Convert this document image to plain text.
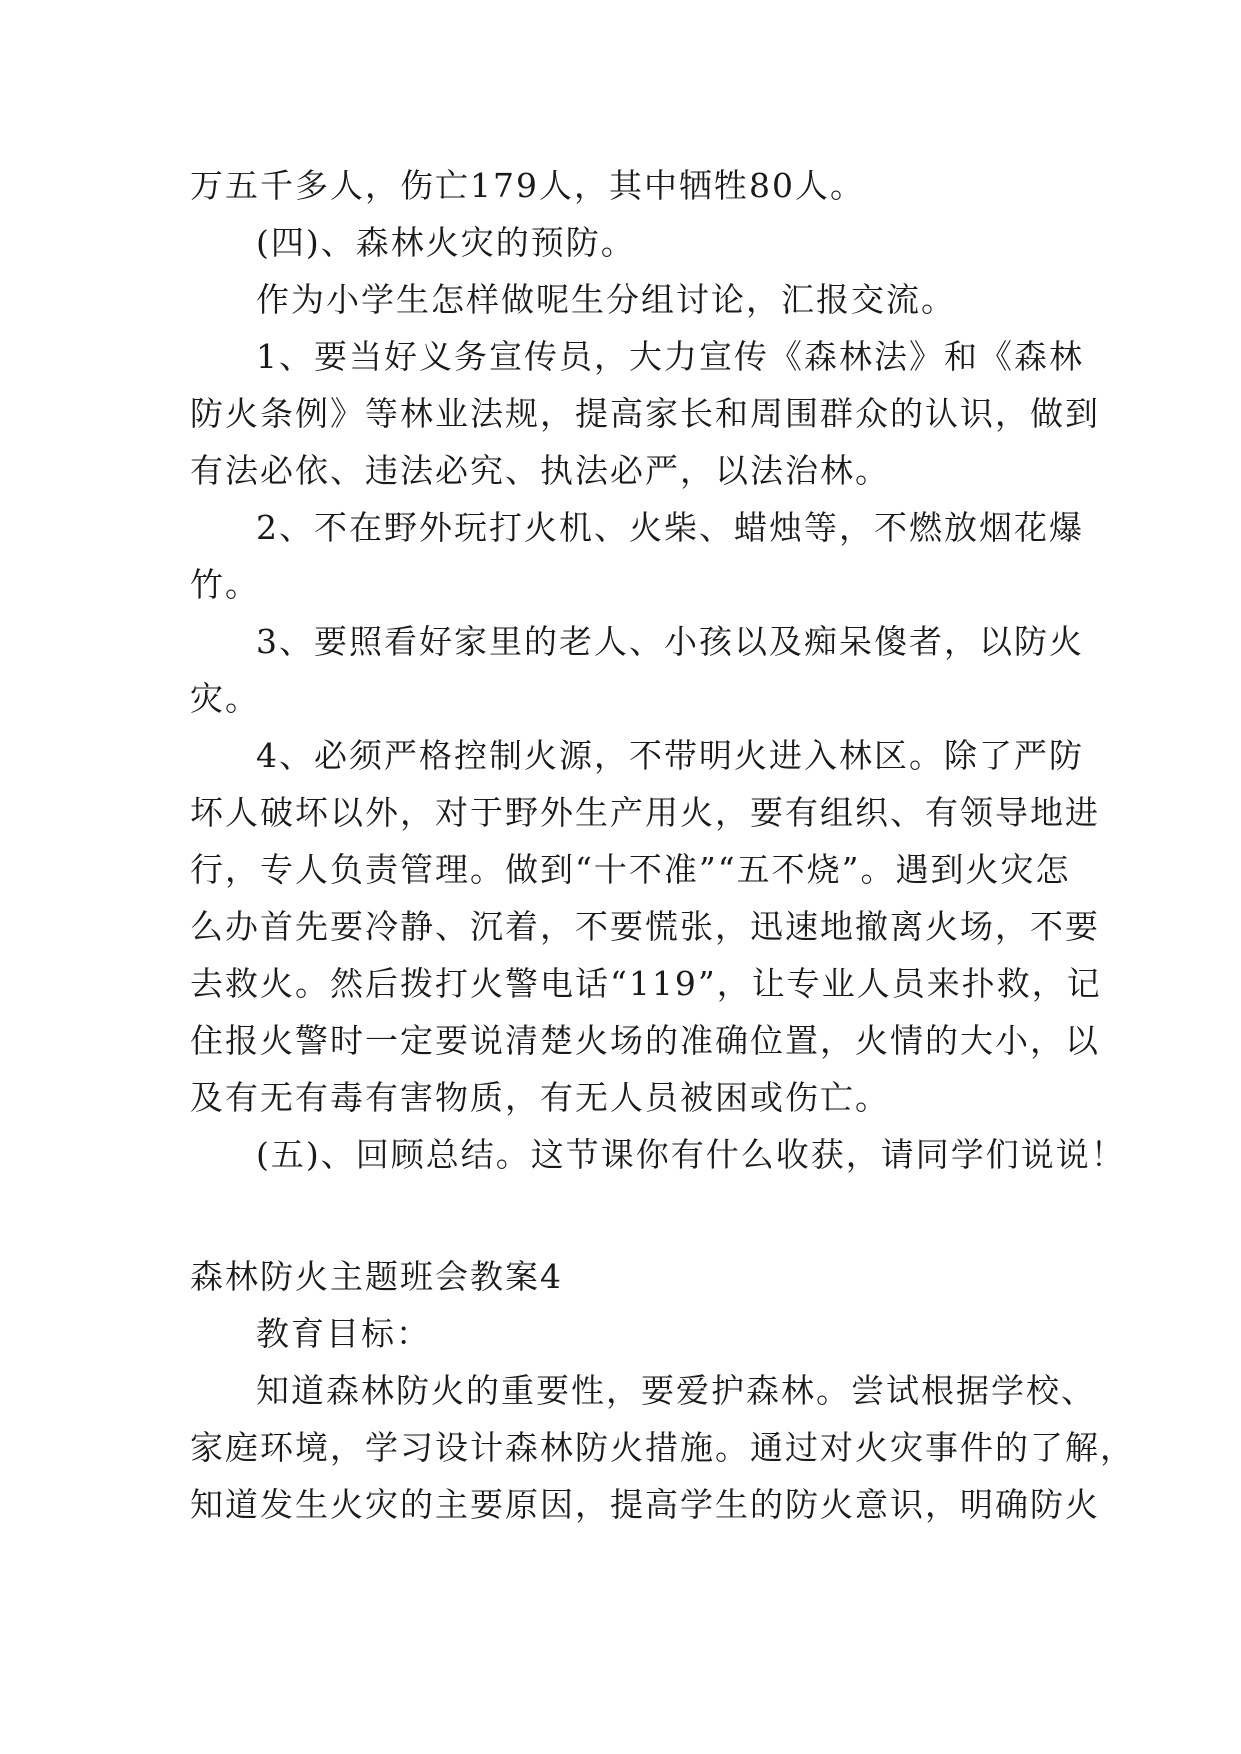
万五千多人，伤亡179人，其中牺牲80人。
(四)、森林火灾的预防。
作为小学生怎样做呢生分组讨论，汇报交流。
1、要当好义务宣传员，大力宣传《森林法》和《森林
防火条例》等林业法规，提高家长和周围群众的认识，做到
有法必依、违法必究、执法必严，以法治林。
2、不在野外玩打火机、火柴、蜡烛等，不燃放烟花爆
竹。
3、要照看好家里的老人、小孩以及痴呆傻者，以防火
灾。
4、必须严格控制火源，不带明火进入林区。除了严防
坏人破坏以外，对于野外生产用火，要有组织、有领导地进
行，专人负责管理。做到“十不准”“五不烧”。遇到火灾怎
么办首先要冷静、沉着，不要慌张，迅速地撤离火场，不要
去救火。然后拨打火警电话“119”，让专业人员来扑救，记
住报火警时一定要说清楚火场的准确位置，火情的大小，以
及有无有毒有害物质，有无人员被困或伤亡。
(五)、回顾总结。这节课你有什么收获，请同学们说说！
森林防火主题班会教案4
教育目标：
知道森林防火的重要性，要爱护森林。尝试根据学校、
家庭环境，学习设计森林防火措施。通过对火灾事件的了解，
知道发生火灾的主要原因，提高学生的防火意识，明确防火
